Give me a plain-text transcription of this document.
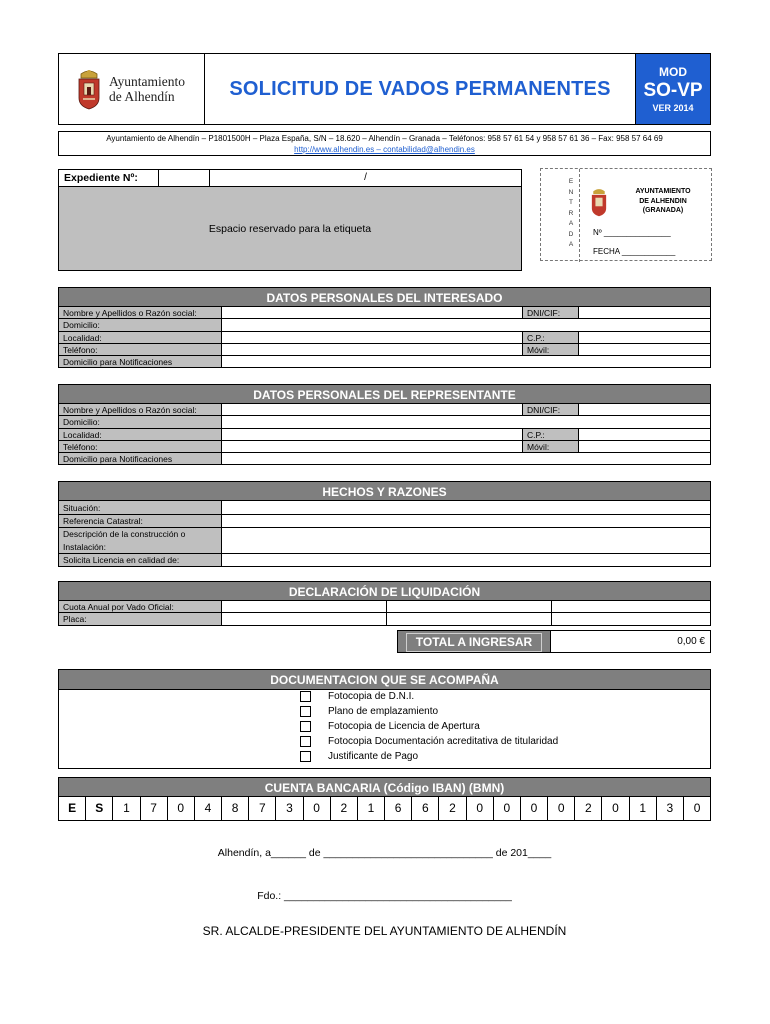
Ayuntamiento
de Alhendín	SOLICITUD DE VADOS PERMANENTES
MOD
SO-VP
VER 2014
Ayuntamiento de Alhendín – P1801500H – Plaza España, S/N – 18.620 – Alhendín – Granada – Teléfonos: 958 57 61 54 y 958 57 61 36 – Fax: 958 57 64 69
http://www.alhendin.es – contabilidad@alhendin.es
Expediente Nº:	/
Espacio reservado para la etiqueta
E
N
T
R
A
D
A
AYUNTAMIENTO
DE ALHENDIN
(GRANADA)
Nº _______________
FECHA ____________
DATOS PERSONALES DEL INTERESADO
Nombre y Apellidos o Razón social:	DNI/CIF:
Domicilio:
Localidad:	C.P.:
Teléfono:	Móvil:
Domicilio para Notificaciones
DATOS PERSONALES DEL REPRESENTANTE
Nombre y Apellidos o Razón social:	DNI/CIF:
Domicilio:
Localidad:	C.P.:
Teléfono:	Móvil:
Domicilio para Notificaciones
HECHOS Y RAZONES
Situación:
Referencia Catastral:
Descripción de la construcción o
Instalación:
Solicita Licencia en calidad de:
DECLARACIÓN DE LIQUIDACIÓN
Cuota Anual por Vado Oficial:
Placa:
TOTAL A INGRESAR	0,00 €
DOCUMENTACION QUE SE ACOMPAÑA
Fotocopia de D.N.I.
Plano de emplazamiento
Fotocopia de Licencia de Apertura
Fotocopia Documentación acreditativa de titularidad
Justificante de Pago
CUENTA BANCARIA (Código IBAN) (BMN)
E	S	1	7	0	4	8	7	3	0	2	1	6	6	2	0	0	0	0	2	0	1	3	0
Alhendín, a______ de _____________________________ de 201____
Fdo.: _______________________________________
SR. ALCALDE-PRESIDENTE DEL AYUNTAMIENTO DE ALHENDÍN
